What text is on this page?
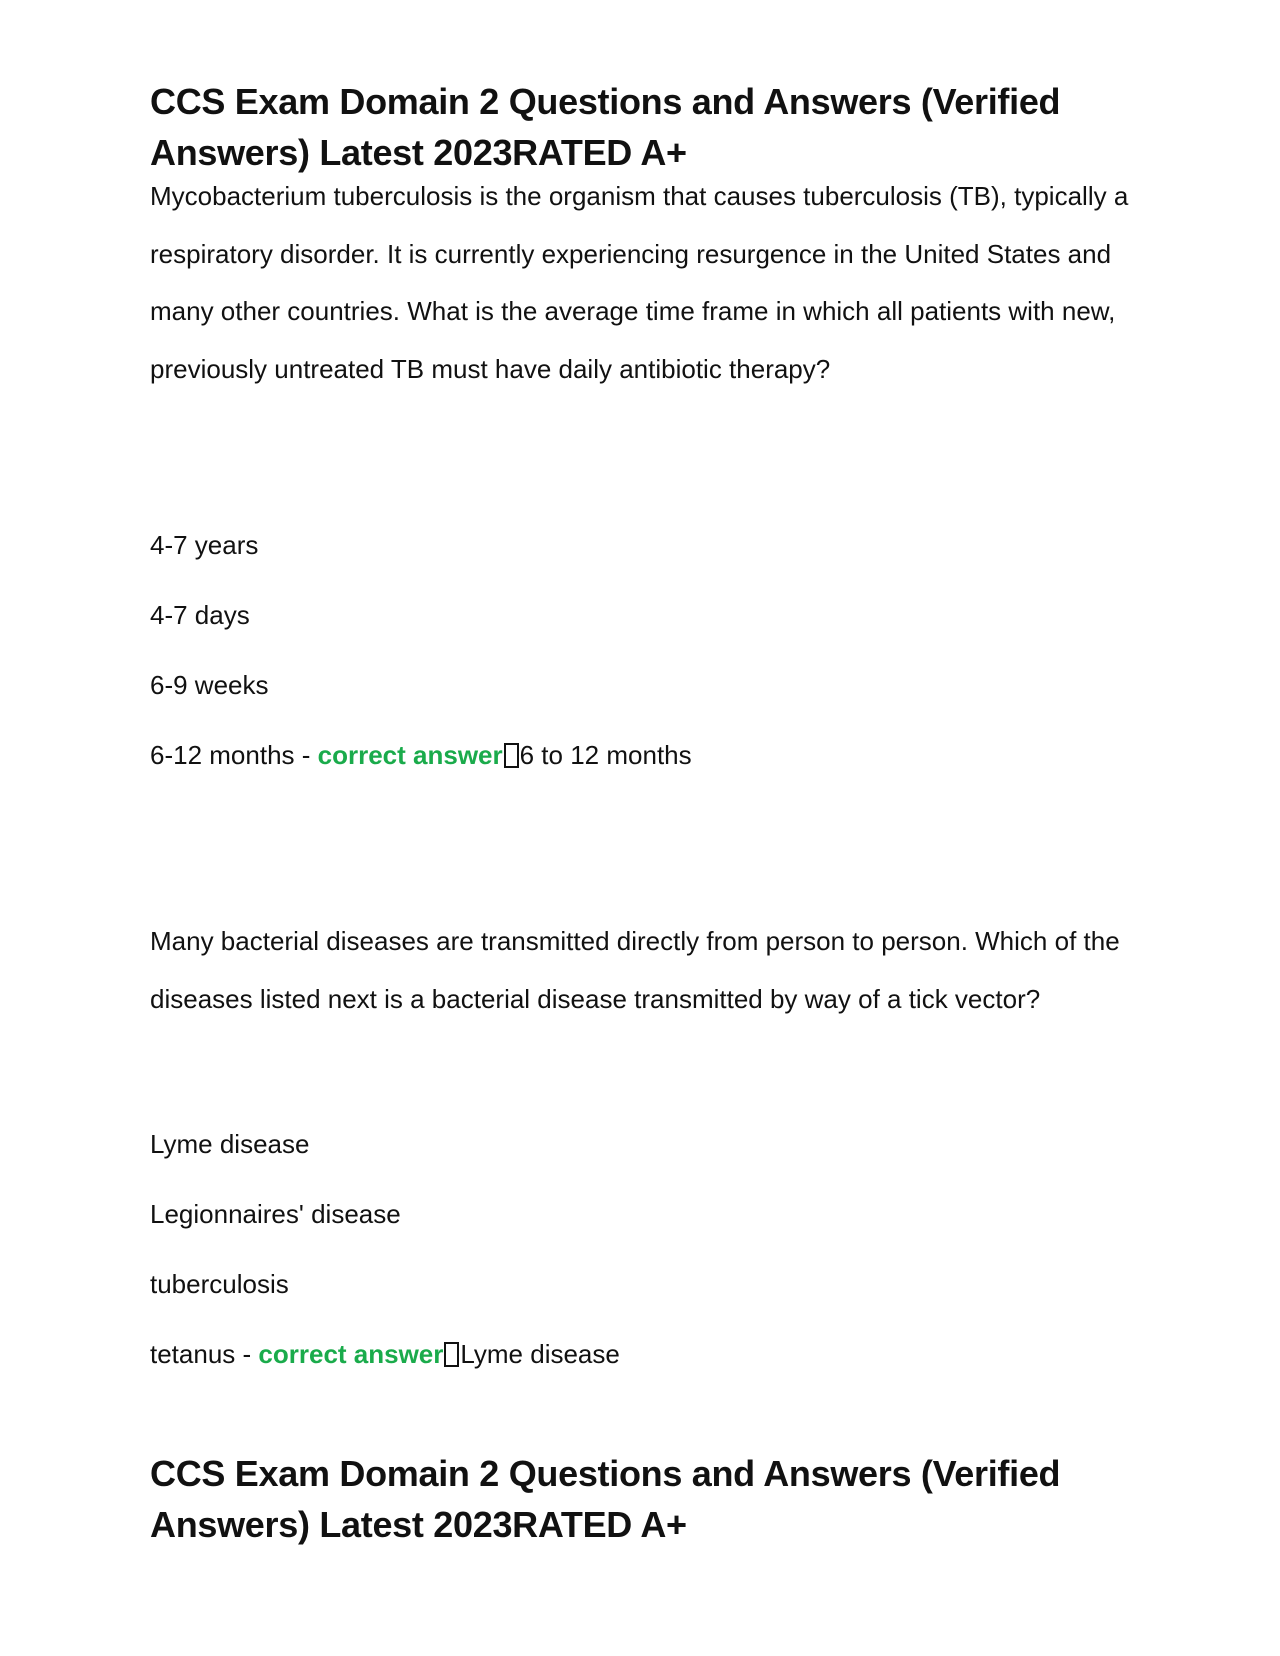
CCS Exam Domain 2 Questions and Answers (Verified Answers) Latest 2023RATED A+

Mycobacterium tuberculosis is the organism that causes tuberculosis (TB), typically a respiratory disorder. It is currently experiencing resurgence in the United States and many other countries. What is the average time frame in which all patients with new, previously untreated TB must have daily antibiotic therapy?

4-7 years

4-7 days

6-9 weeks

6-12 months - correct answer 6 to 12 months

Many bacterial diseases are transmitted directly from person to person. Which of the diseases listed next is a bacterial disease transmitted by way of a tick vector?

Lyme disease

Legionnaires' disease

tuberculosis

tetanus - correct answer Lyme disease

CCS Exam Domain 2 Questions and Answers (Verified Answers) Latest 2023RATED A+
